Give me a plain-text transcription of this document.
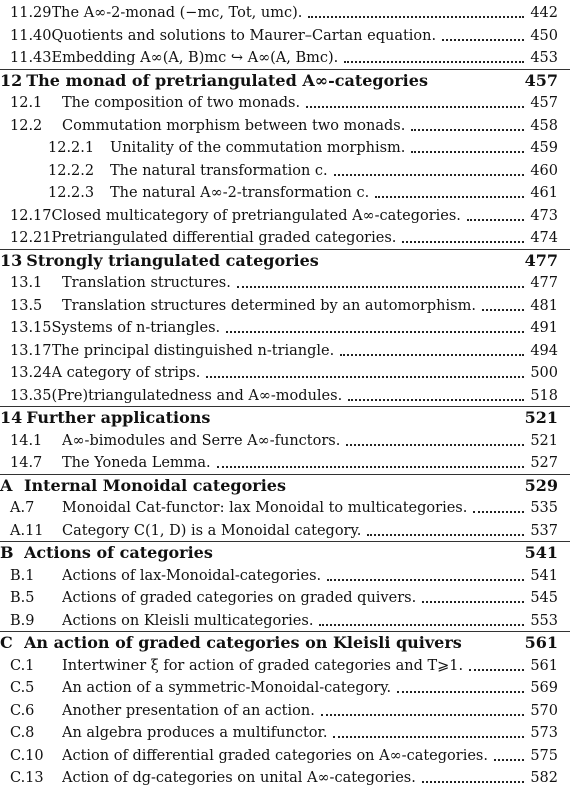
11.29 The A∞-2-monad (−mc, Tot, umc).	442
11.40 Quotients and solutions to Maurer–Cartan equation.	450
11.43 Embedding A∞(A, B)mc ↪ A∞(A, Bmc).	453
12 The monad of pretriangulated A∞-categories	457
12.1	The composition of two monads.	457
12.2	Commutation morphism between two monads.	458
12.2.1	Unitality of the commutation morphism.	459
12.2.2	The natural transformation c.	460
12.2.3	The natural A∞-2-transformation c.	461
12.17 Closed multicategory of pretriangulated A∞-categories.	473
12.21 Pretriangulated differential graded categories.	474
13 Strongly triangulated categories	477
13.1	Translation structures.	477
13.5	Translation structures determined by an automorphism.	481
13.15 Systems of n-triangles.	491
13.17 The principal distinguished n-triangle.	494
13.24 A category of strips.	500
13.35 (Pre)triangulatedness and A∞-modules.	518
14 Further applications	521
14.1	A∞-bimodules and Serre A∞-functors.	521
14.7	The Yoneda Lemma.	527
A Internal Monoidal categories	529
A.7	Monoidal Cat-functor: lax Monoidal to multicategories.	535
A.11	Category C(1, D) is a Monoidal category.	537
B Actions of categories	541
B.1	Actions of lax-Monoidal-categories.	541
B.5	Actions of graded categories on graded quivers.	545
B.9	Actions on Kleisli multicategories.	553
C An action of graded categories on Kleisli quivers	561
C.1	Intertwiner ξ for action of graded categories and T⩾1.	561
C.5	An action of a symmetric-Monoidal-category.	569
C.6	Another presentation of an action.	570
C.8	An algebra produces a multifunctor.	573
C.10	Action of differential graded categories on A∞-categories.	575
C.13	Action of dg-categories on unital A∞-categories.	582
